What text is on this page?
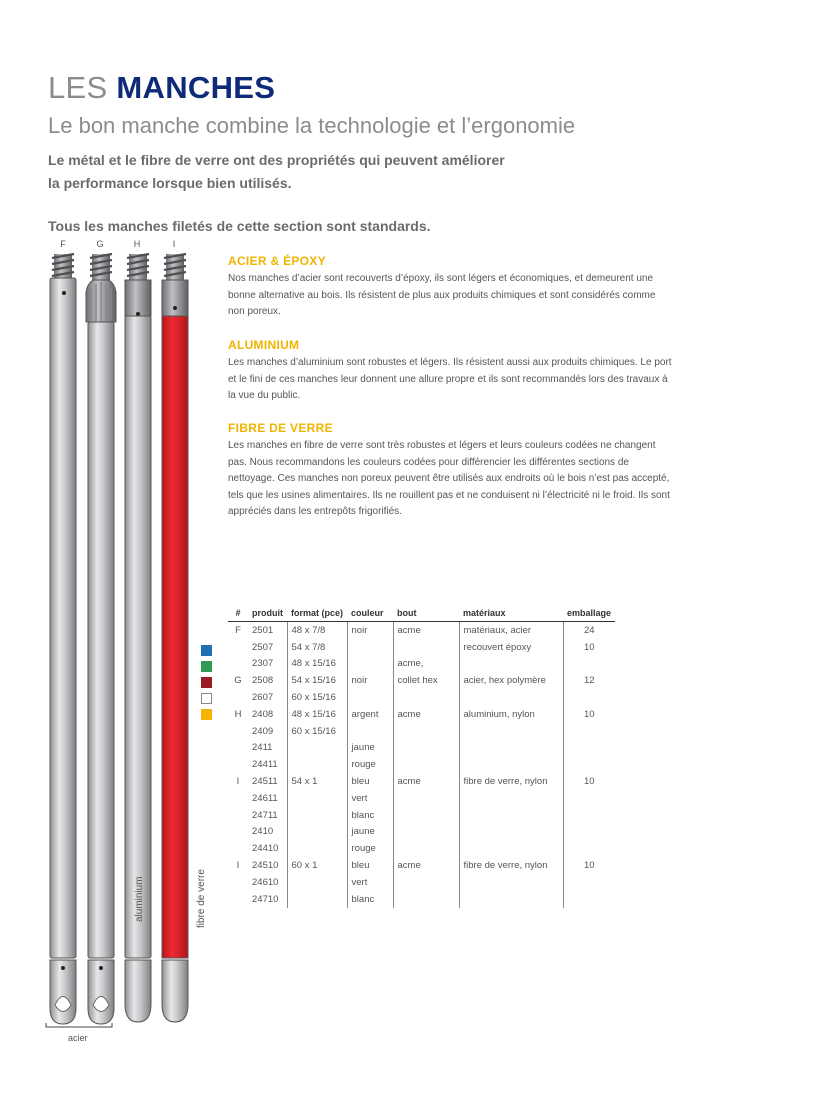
LES MANCHES
Le bon manche combine la technologie et l’ergonomie
Le métal et le fibre de verre ont des propriétés qui peuvent améliorer la performance lorsque bien utilisés.
Tous les manches filetés de cette section sont standards.
F	G	H	I
aluminium	fibre de verre
acier
ACIER & ÉPOXY
Nos manches d’acier sont recouverts d’époxy, ils sont légers et économiques, et demeurent une bonne alternative au bois. Ils résistent de plus aux produits chimiques et sont considérés comme non poreux.
ALUMINIUM
Les manches d’aluminium sont robustes et légers. Ils résistent aussi aux produits chimiques. Le port et le fini de ces manches leur donnent une allure propre et ils sont recommandés lors des travaux à la vue du public.
FIBRE DE VERRE
Les manches en fibre de verre sont très robustes et légers et leurs couleurs codées ne changent pas. Nous recommandons les couleurs codées pour différencier les différentes sections de nettoyage. Ces manches non poreux peuvent être utilisés aux endroits où le bois n’est pas accepté, tels que les usines alimentaires. Ils ne rouillent pas et ne conduisent ni l’électricité ni le froid. Ils sont appréciés dans les entrepôts frigorifiés.
#	produit	format (pce)	couleur	bout	matériaux	emballage
F	2501	48 x 7/8	noir	acme	matériaux, acier	24
	2507	54 x 7/8			recouvert époxy	10
	2307	48 x 15/16		acme,		
G	2508	54 x 15/16	noir	collet hex	acier, hex polymère	12
	2607	60 x 15/16				
H	2408	48 x 15/16	argent	acme	aluminium, nylon	10
	2409	60 x 15/16				
	2411		jaune			
	24411		rouge			
I	24511	54 x 1	bleu	acme	fibre de verre, nylon	10
	24611		vert			
	24711		blanc			
	2410		jaune			
	24410		rouge			
I	24510	60 x 1	bleu	acme	fibre de verre, nylon	10
	24610		vert			
	24710		blanc			
